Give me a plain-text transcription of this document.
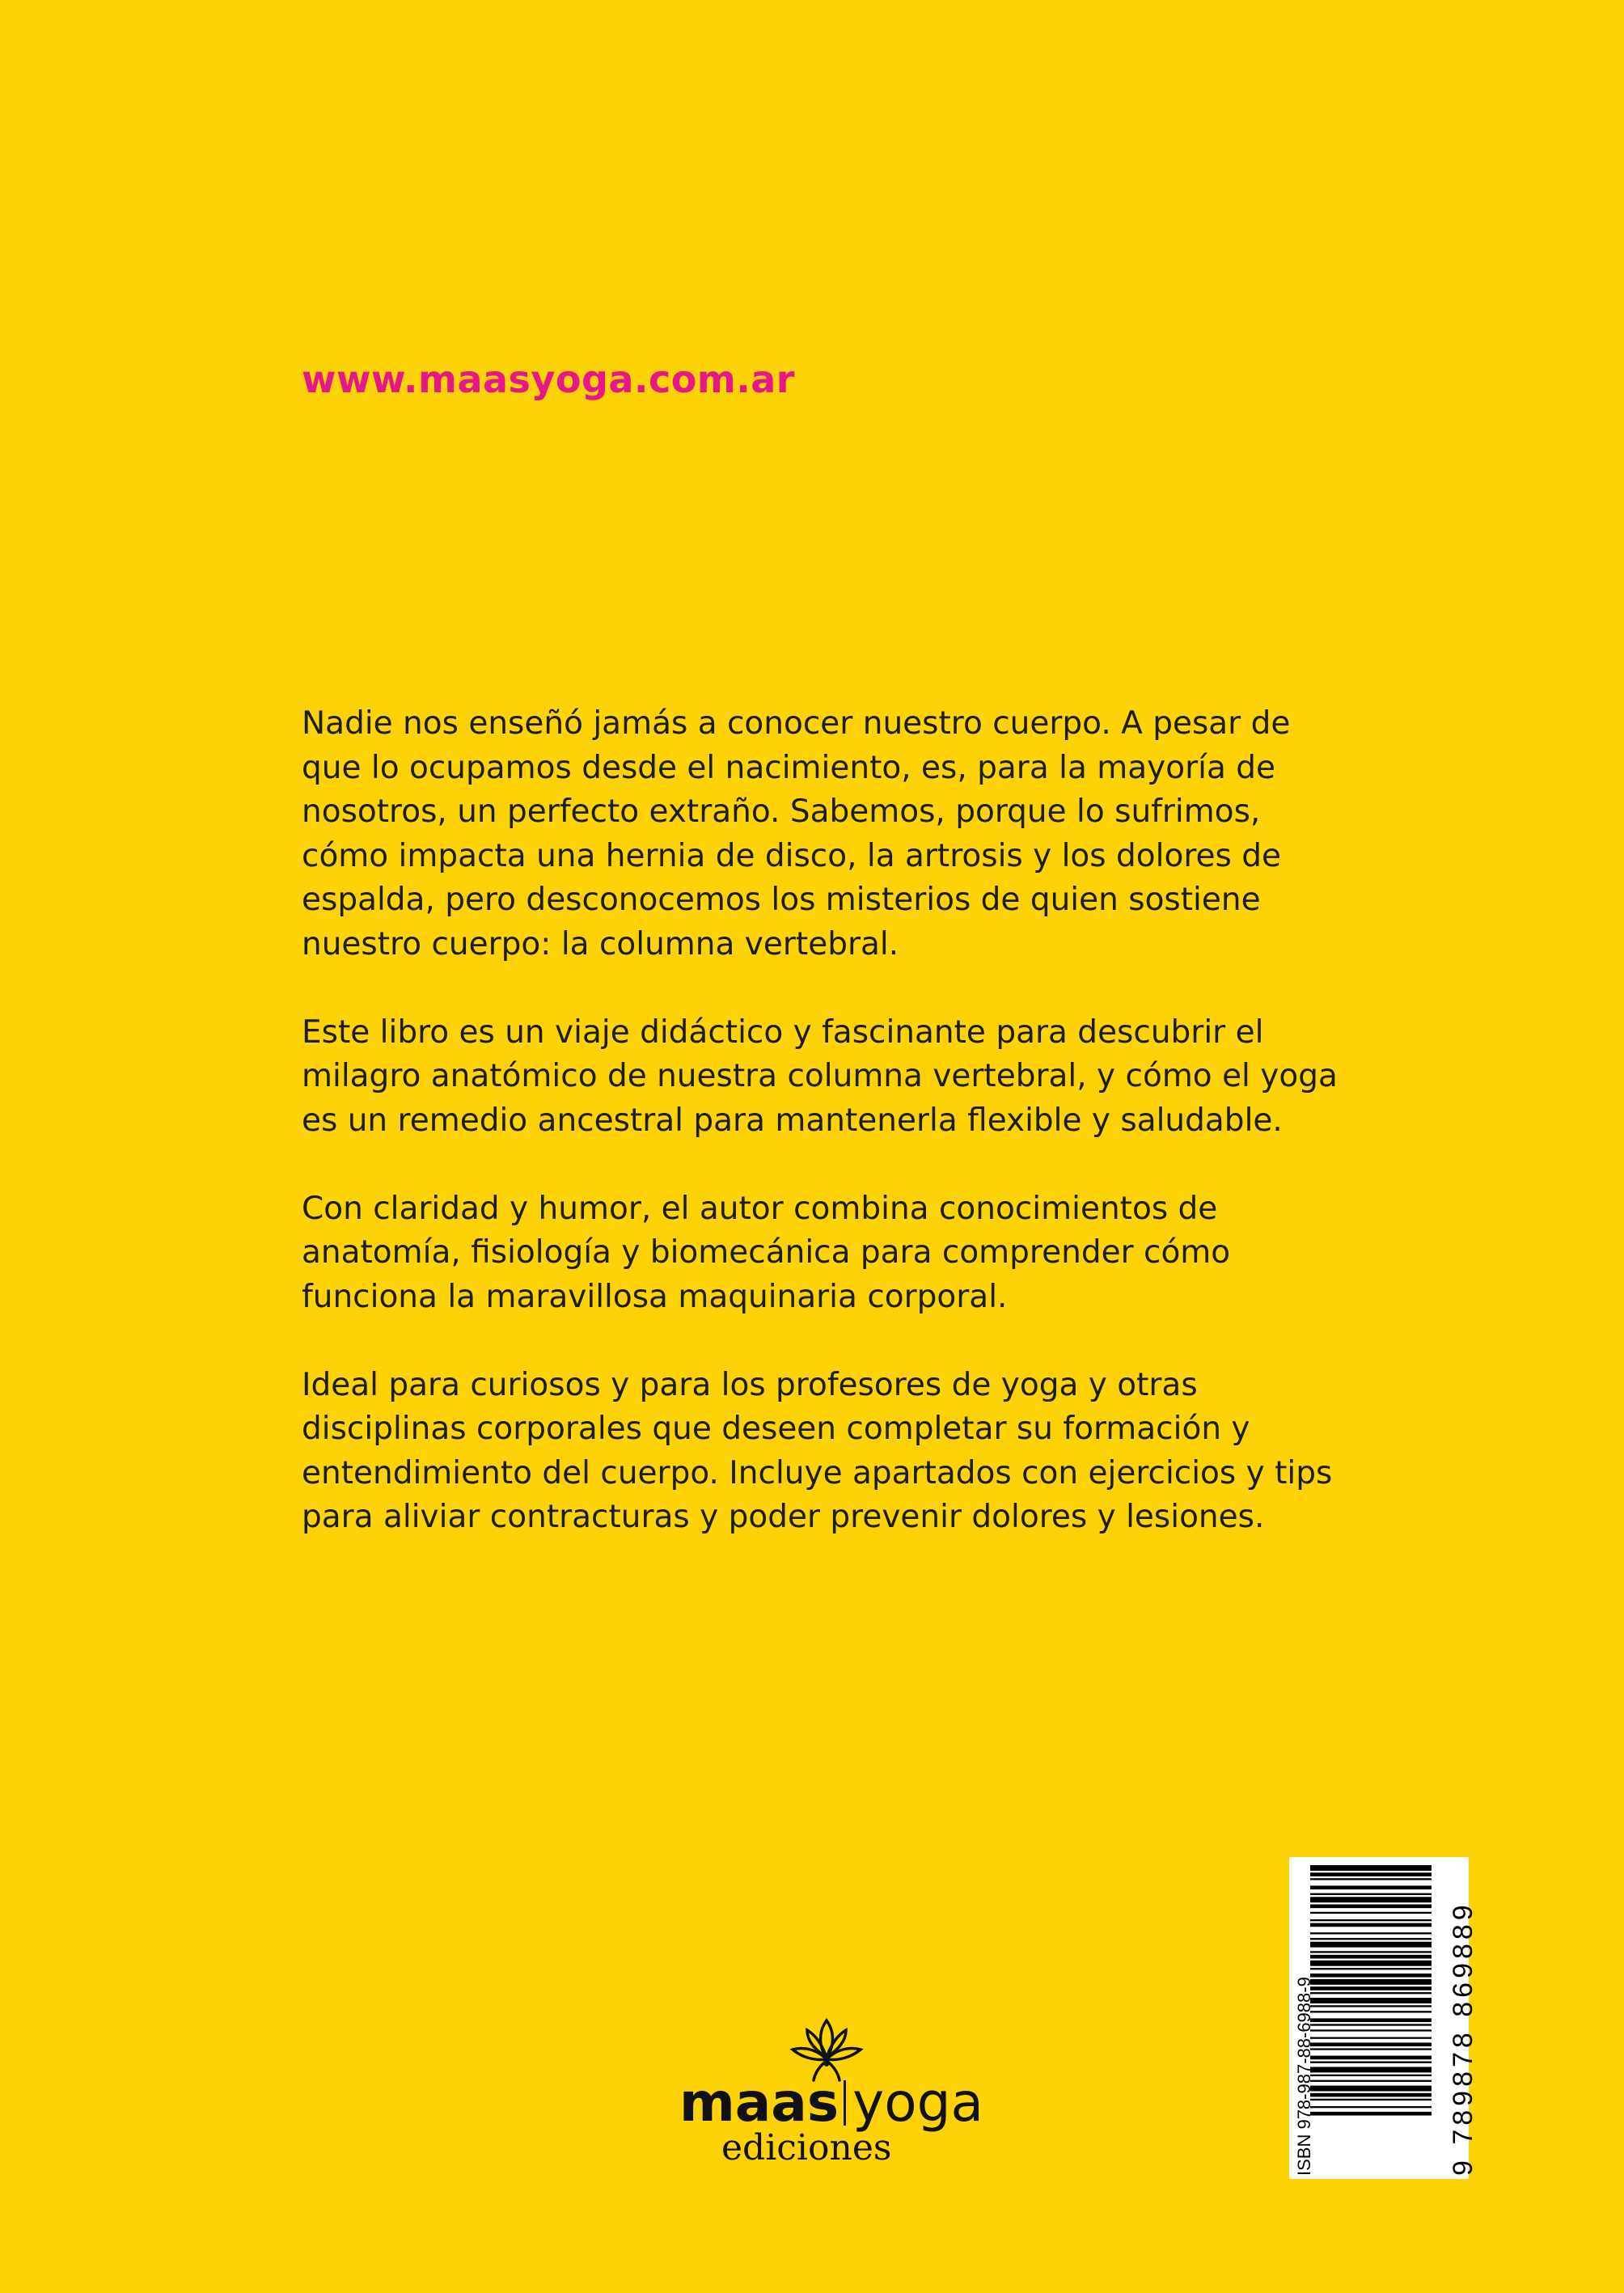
www.maasyoga.com.ar

Nadie nos enseñó jamás a conocer nuestro cuerpo. A pesar de que lo ocupamos desde el nacimiento, es, para la mayoría de nosotros, un perfecto extraño. Sabemos, porque lo sufrimos, cómo impacta una hernia de disco, la artrosis y los dolores de espalda, pero desconocemos los misterios de quien sostiene nuestro cuerpo: la columna vertebral.

Este libro es un viaje didáctico y fascinante para descubrir el milagro anatómico de nuestra columna vertebral, y cómo el yoga es un remedio ancestral para mantenerla flexible y saludable.

Con claridad y humor, el autor combina conocimientos de anatomía, fisiología y biomecánica para comprender cómo funciona la maravillosa maquinaria corporal.

Ideal para curiosos y para los profesores de yoga y otras disciplinas corporales que deseen completar su formación y entendimiento del cuerpo. Incluye apartados con ejercicios y tips para aliviar contracturas y poder prevenir dolores y lesiones.

maas yoga
ediciones	ISBN 978-987-88-6988-9	9 789878 869889
